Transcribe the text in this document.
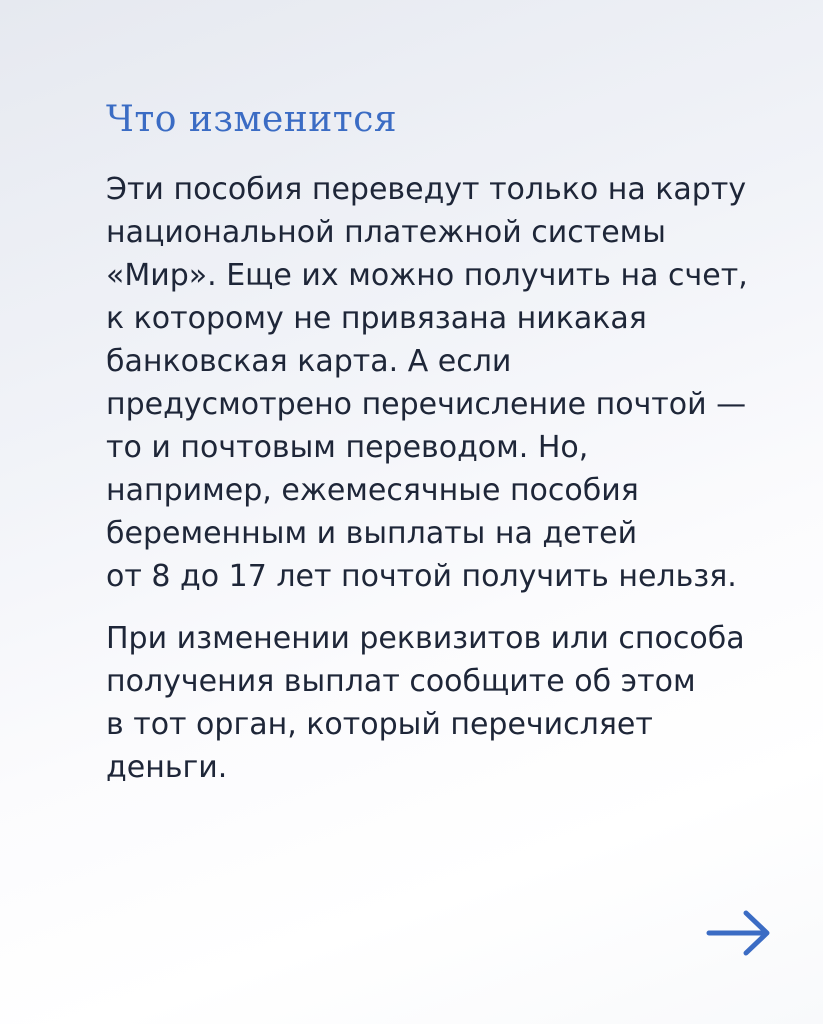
Что изменится
Эти пособия переведут только на карту
национальной платежной системы
«Мир». Еще их можно получить на счет,
к которому не привязана никакая
банковская карта. А если
предусмотрено перечисление почтой —
то и почтовым переводом. Но,
например, ежемесячные пособия
беременным и выплаты на детей
от 8 до 17 лет почтой получить нельзя.
При изменении реквизитов или способа
получения выплат сообщите об этом
в тот орган, который перечисляет
деньги.
